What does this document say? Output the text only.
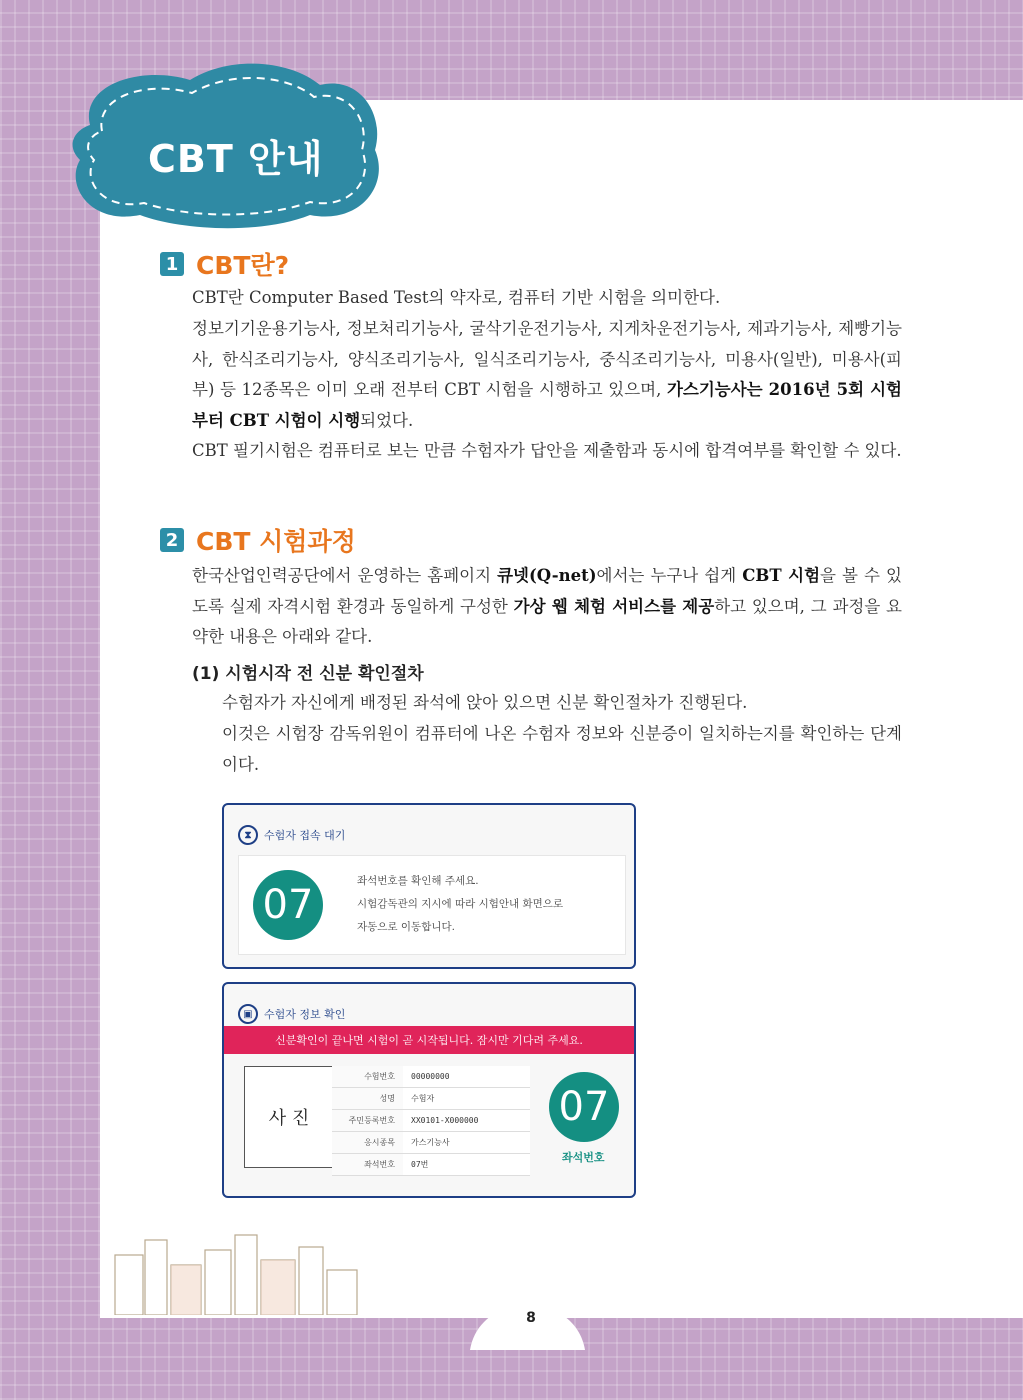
CBT 안내
1 CBT란?

CBT란 Computer Based Test의 약자로, 컴퓨터 기반 시험을 의미한다.

정보기기운용기능사, 정보처리기능사, 굴삭기운전기능사, 지게차운전기능사, 제과기능사, 제빵기능사, 한식조리기능사, 양식조리기능사, 일식조리기능사, 중식조리기능사, 미용사(일반), 미용사(피부) 등 12종목은 이미 오래 전부터 CBT 시험을 시행하고 있으며, 가스기능사는 2016년 5회 시험부터 CBT 시험이 시행되었다.

CBT 필기시험은 컴퓨터로 보는 만큼 수험자가 답안을 제출함과 동시에 합격여부를 확인할 수 있다.

2 CBT 시험과정

한국산업인력공단에서 운영하는 홈페이지 큐넷(Q-net)에서는 누구나 쉽게 CBT 시험을 볼 수 있도록 실제 자격시험 환경과 동일하게 구성한 가상 웹 체험 서비스를 제공하고 있으며, 그 과정을 요약한 내용은 아래와 같다.

(1) 시험시작 전 신분 확인절차

수험자가 자신에게 배정된 좌석에 앉아 있으면 신분 확인절차가 진행된다.

이것은 시험장 감독위원이 컴퓨터에 나온 수험자 정보와 신분증이 일치하는지를 확인하는 단계이다.

⧗	수험자 접속 대기
07
좌석번호를 확인해 주세요.
시험감독관의 지시에 따라 시험안내 화면으로
자동으로 이동합니다.
▣	수험자 정보 확인
신분확인이 끝나면 시험이 곧 시작됩니다. 잠시만 기다려 주세요.
사 진
수험번호	00000000
성명	수험자
주민등록번호	XX0101-X000000
응시종목	가스기능사
좌석번호	07번
07
좌석번호
8
